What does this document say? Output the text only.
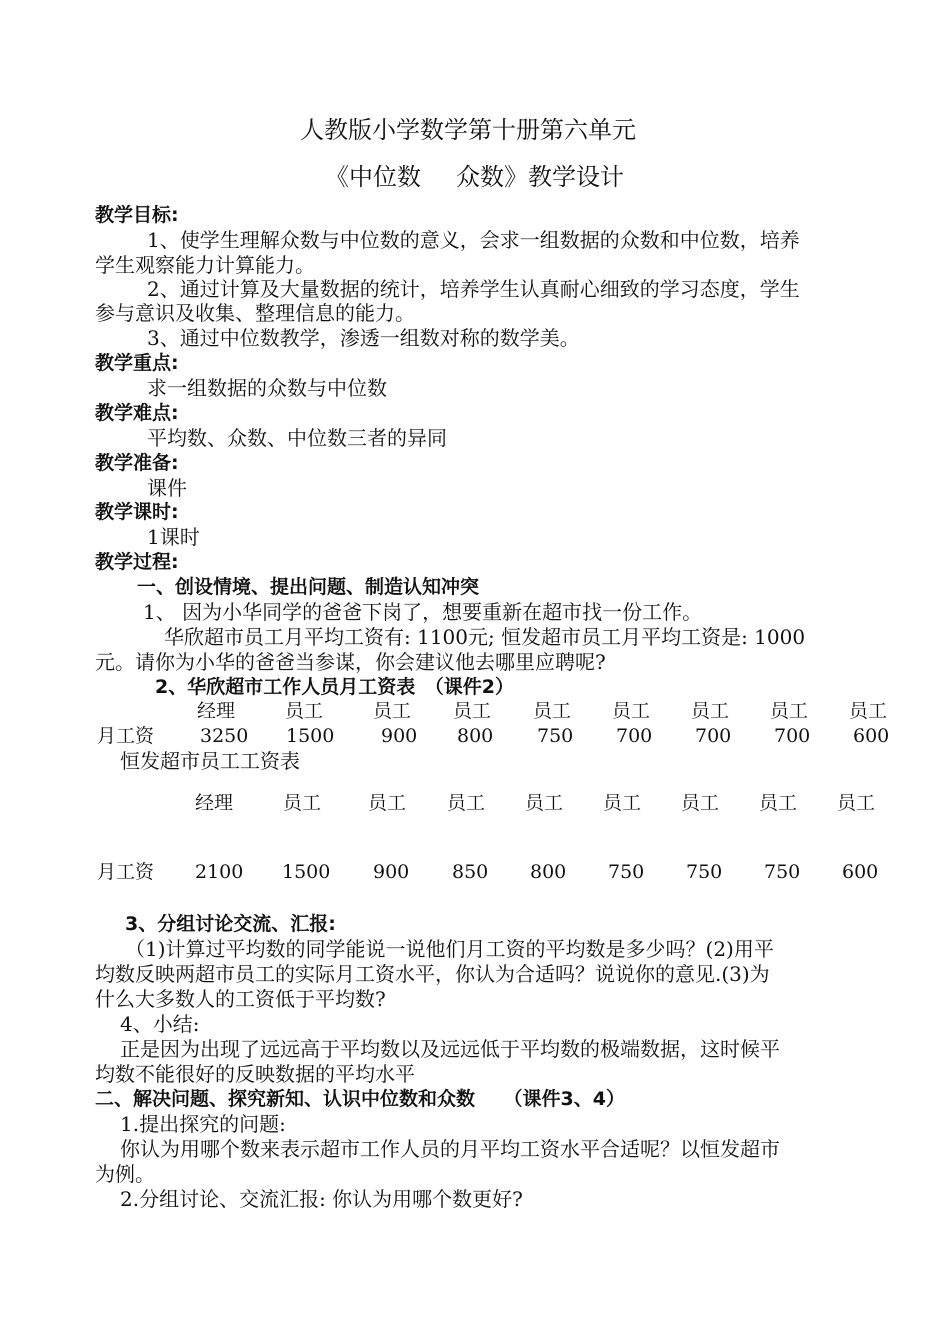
人教版小学数学第十册第六单元
《中位数 众数》教学设计
教学目标:
1、使学生理解众数与中位数的意义，会求一组数据的众数和中位数，培养
学生观察能力计算能力。
2、通过计算及大量数据的统计，培养学生认真耐心细致的学习态度，学生
参与意识及收集、整理信息的能力。
3、通过中位数教学，渗透一组数对称的数学美。
教学重点:
求一组数据的众数与中位数
教学难点:
平均数、众数、中位数三者的异同
教学准备:
课件
教学课时:
1课时
教学过程:
一、创设情境、提出问题、制造认知冲突
1、 因为小华同学的爸爸下岗了，想要重新在超市找一份工作。
华欣超市员工月平均工资有: 1100元; 恒发超市员工月平均工资是: 1000
元。请你为小华的爸爸当参谋，你会建议他去哪里应聘呢?
2、华欣超市工作人员月工资表　（课件2）
经理	员工	员工 员工 员工 员工 员工 员工 员工
月工资 3250 1500 900 800 750 700 700 700 600
恒发超市员工工资表
经理	员工 员工 员工 员工 员工 员工 员工 员工
月工资 2100 1500 900 850 800 750 750 750 600
3、分组讨论交流、汇报:
（1)计算过平均数的同学能说一说他们月工资的平均数是多少吗？(2)用平
均数反映两超市员工的实际月工资水平，你认为合适吗？说说你的意见.(3)为
什么大多数人的工资低于平均数?
4、小结:
正是因为出现了远远高于平均数以及远远低于平均数的极端数据，这时候平
均数不能很好的反映数据的平均水平
二、解决问题、探究新知、认识中位数和众数　　（课件3、4）
1.提出探究的问题:
你认为用哪个数来表示超市工作人员的月平均工资水平合适呢？以恒发超市
为例。
2.分组讨论、交流汇报: 你认为用哪个数更好?
